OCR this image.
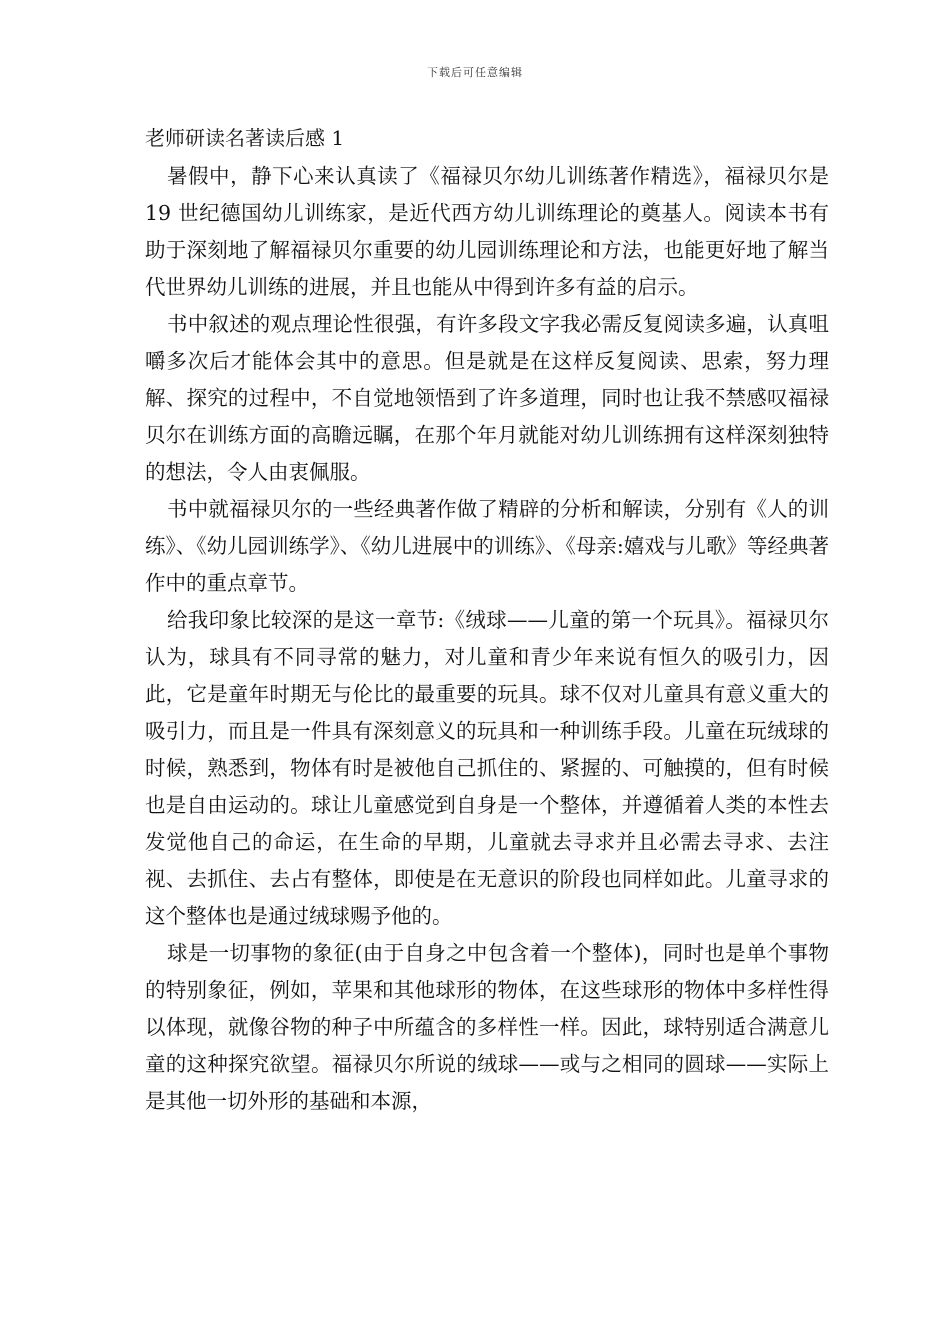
下载后可任意编辑
老师研读名著读后感 1

暑假中，静下心来认真读了《福禄贝尔幼儿训练著作精选》，福禄贝尔是 19 世纪德国幼儿训练家，是近代西方幼儿训练理论的奠基人。阅读本书有助于深刻地了解福禄贝尔重要的幼儿园训练理论和方法，也能更好地了解当代世界幼儿训练的进展，并且也能从中得到许多有益的启示。

书中叙述的观点理论性很强，有许多段文字我必需反复阅读多遍，认真咀嚼多次后才能体会其中的意思。但是就是在这样反复阅读、思索，努力理解、探究的过程中，不自觉地领悟到了许多道理，同时也让我不禁感叹福禄贝尔在训练方面的高瞻远瞩，在那个年月就能对幼儿训练拥有这样深刻独特的想法，令人由衷佩服。

书中就福禄贝尔的一些经典著作做了精辟的分析和解读，分别有《人的训练》、《幼儿园训练学》、《幼儿进展中的训练》、《母亲:嬉戏与儿歌》等经典著作中的重点章节。

给我印象比较深的是这一章节:《绒球——儿童的第一个玩具》。福禄贝尔认为，球具有不同寻常的魅力，对儿童和青少年来说有恒久的吸引力，因此，它是童年时期无与伦比的最重要的玩具。球不仅对儿童具有意义重大的吸引力，而且是一件具有深刻意义的玩具和一种训练手段。儿童在玩绒球的时候，熟悉到，物体有时是被他自己抓住的、紧握的、可触摸的，但有时候也是自由运动的。球让儿童感觉到自身是一个整体，并遵循着人类的本性去发觉他自己的命运，在生命的早期，儿童就去寻求并且必需去寻求、去注视、去抓住、去占有整体，即使是在无意识的阶段也同样如此。儿童寻求的这个整体也是通过绒球赐予他的。

球是一切事物的象征(由于自身之中包含着一个整体)，同时也是单个事物的特别象征，例如，苹果和其他球形的物体，在这些球形的物体中多样性得以体现，就像谷物的种子中所蕴含的多样性一样。因此，球特别适合满意儿童的这种探究欲望。福禄贝尔所说的绒球——或与之相同的圆球——实际上是其他一切外形的基础和本源，
